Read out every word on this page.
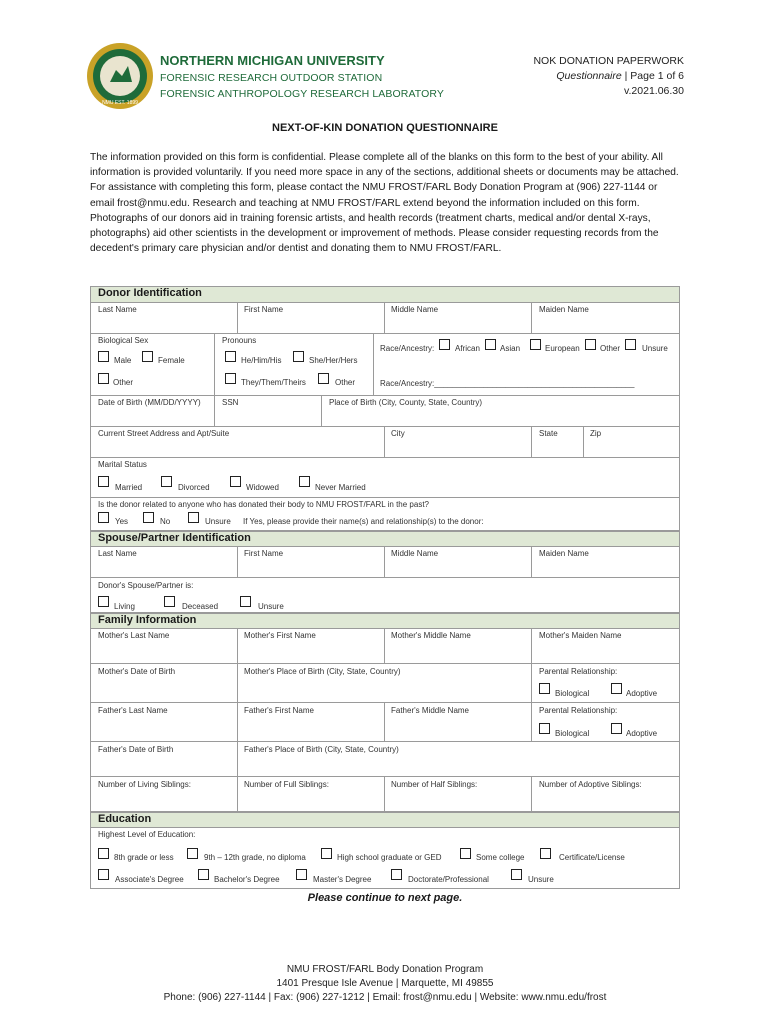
NMU EST. 1899
NORTHERN MICHIGAN UNIVERSITY
FORENSIC RESEARCH OUTDOOR STATION
FORENSIC ANTHROPOLOGY RESEARCH LABORATORY
NOK DONATION PAPERWORK
Questionnaire | Page 1 of 6
v.2021.06.30
NEXT-OF-KIN DONATION QUESTIONNAIRE

The information provided on this form is confidential. Please complete all of the blanks on this form to the best of your ability. All information is provided voluntarily. If you need more space in any of the sections, additional sheets or documents may be attached. For assistance with completing this form, please contact the NMU FROST/FARL Body Donation Program at (906) 227-1144 or email frost@nmu.edu. Research and teaching at NMU FROST/FARL extend beyond the information included on this form. Photographs of our donors aid in training forensic artists, and health records (treatment charts, medical and/or dental X-rays, photographs) aid other scientists in the development or improvement of methods. Please consider requesting records from the decedent's primary care physician and/or dentist and donating them to NMU FROST/FARL.

Donor Identification
Last Name	First Name	Middle Name	Maiden Name
Biological Sex
Male	Female
Other
Pronouns
He/Him/His	She/Her/Hers
They/Them/Theirs	Other
Race/Ancestry:	African	Asian	European	Other	Unsure
Race/Ancestry:_____________________________________________
Date of Birth (MM/DD/YYYY)	SSN	Place of Birth (City, County, State, Country)
Current Street Address and Apt/Suite	City	State	Zip
Marital Status
Married	Divorced	Widowed	Never Married
Is the donor related to anyone who has donated their body to NMU FROST/FARL in the past?
Yes	No	Unsure If Yes, please provide their name(s) and relationship(s) to the donor:
Spouse/Partner Identification
Last Name	First Name	Middle Name	Maiden Name
Donor's Spouse/Partner is:
Living	Deceased	Unsure
Family Information
Mother's Last Name	Mother's First Name	Mother's Middle Name	Mother's Maiden Name
Mother's Date of Birth	Mother's Place of Birth (City, State, Country)	Parental Relationship:
Biological	Adoptive
Father's Last Name	Father's First Name	Father's Middle Name	Parental Relationship:
Biological	Adoptive
Father's Date of Birth	Father's Place of Birth (City, State, Country)
Number of Living Siblings:	Number of Full Siblings:	Number of Half Siblings:	Number of Adoptive Siblings:
Education
Highest Level of Education:
8th grade or less	9th – 12th grade, no diploma	High school graduate or GED	Some college	Certificate/License
Associate's Degree	Bachelor's Degree	Master's Degree	Doctorate/Professional	Unsure
Please continue to next page.
NMU FROST/FARL Body Donation Program
1401 Presque Isle Avenue | Marquette, MI 49855
Phone: (906) 227-1144 | Fax: (906) 227-1212 | Email: frost@nmu.edu | Website: www.nmu.edu/frost
